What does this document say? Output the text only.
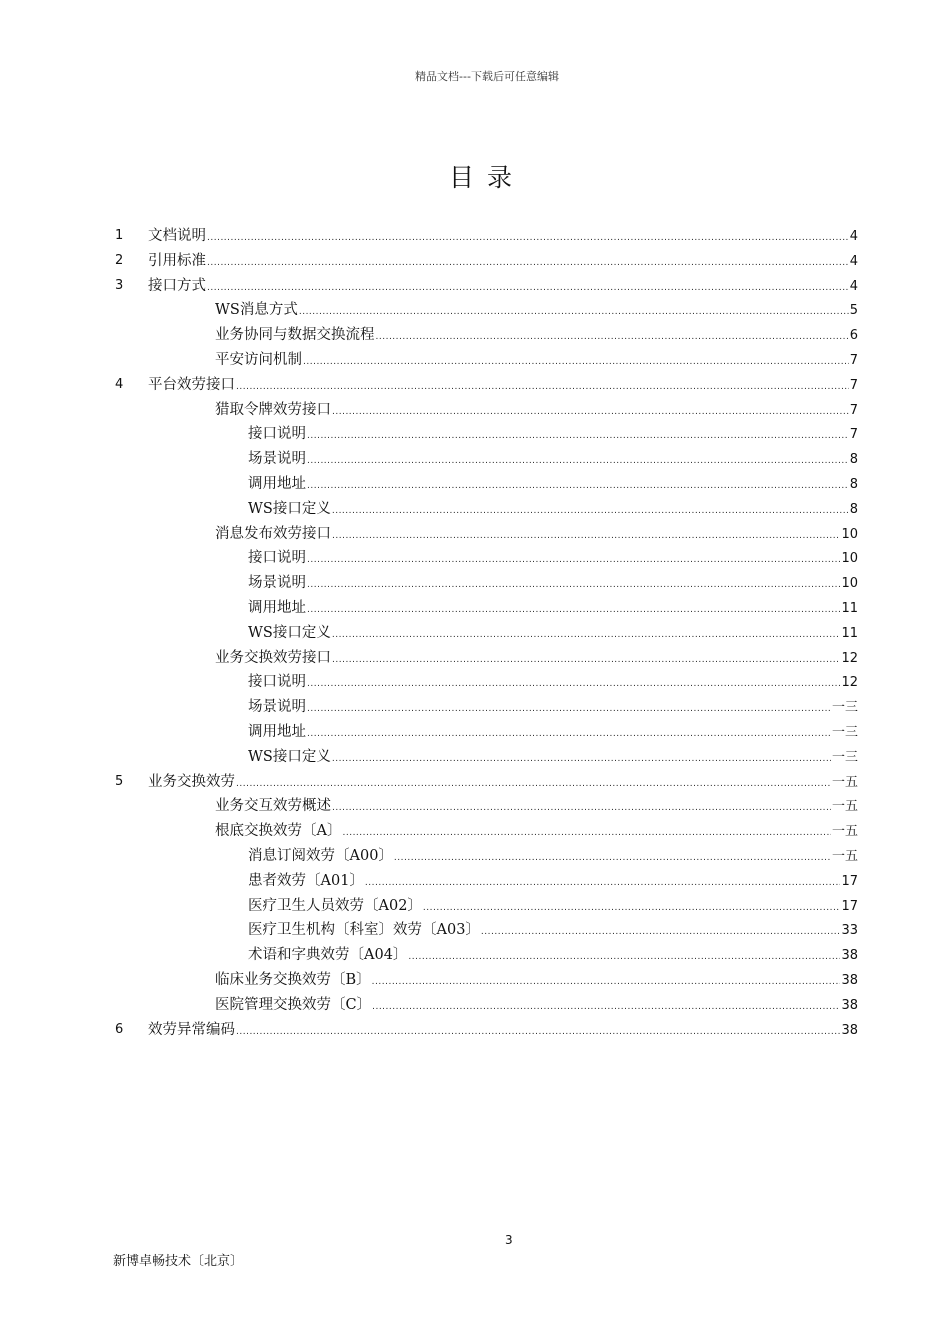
精品文档---下载后可任意编辑
目录
1	文档说明 .....	4
2	引用标准 .....	4
3	接口方式 .....	4
WS消息方式 .....	5
业务协同与数据交换流程 .....	6
平安访问机制 .....	7
4	平台效劳接口 .....	7
猎取令牌效劳接口 .....	7
接口说明 .....	7
场景说明 .....	8
调用地址 .....	8
WS接口定义 .....	8
消息发布效劳接口 .....	10
接口说明 .....	10
场景说明 .....	10
调用地址 .....	11
WS接口定义 .....	11
业务交换效劳接口 .....	12
接口说明 .....	12
场景说明 .....	一三
调用地址 .....	一三
WS接口定义 .....	一三
5	业务交换效劳 .....	一五
业务交互效劳概述 .....	一五
根底交换效劳〔A〕 .....	一五
消息订阅效劳〔A00〕 .....	一五
患者效劳〔A01〕 .....	17
医疗卫生人员效劳〔A02〕 .....	17
医疗卫生机构〔科室〕效劳〔A03〕 .....	33
术语和字典效劳〔A04〕 .....	38
临床业务交换效劳〔B〕 .....	38
医院管理交换效劳〔C〕 .....	38
6	效劳异常编码 .....	38
3
新博卓畅技术〔北京〕
